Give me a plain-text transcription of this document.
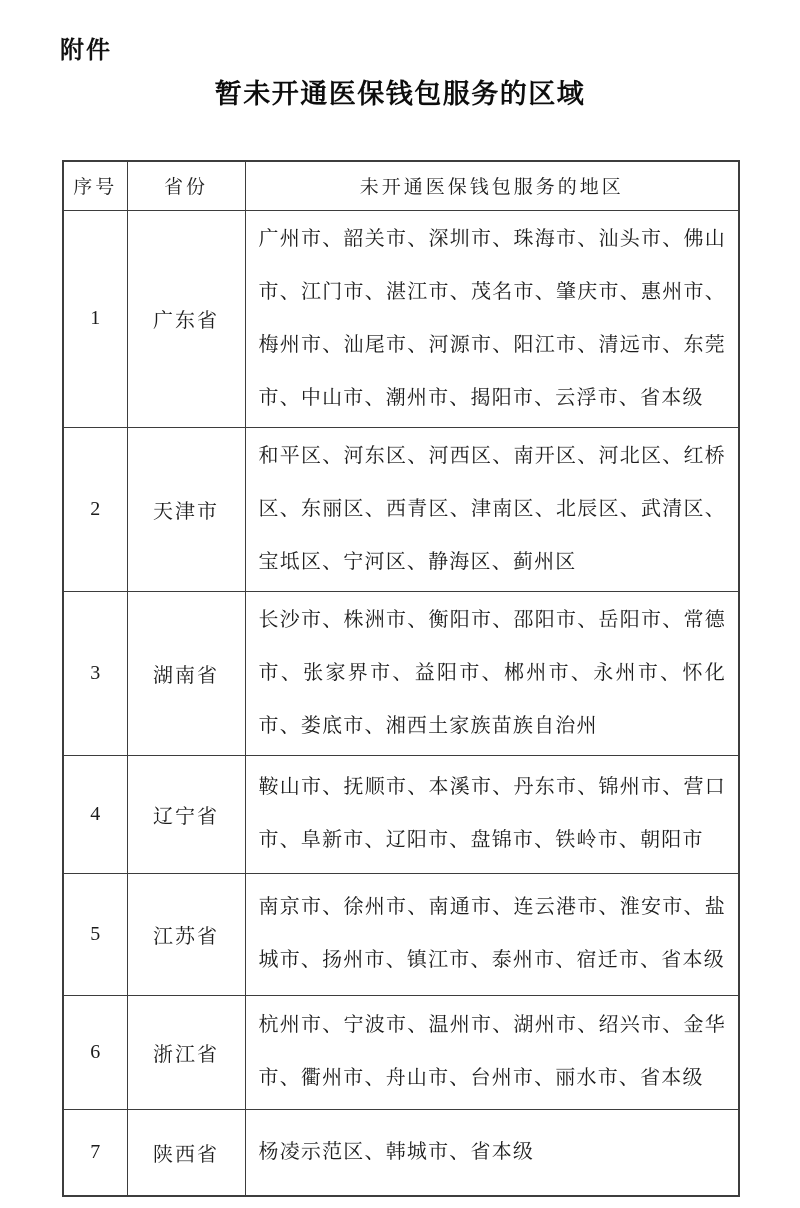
附件
暂未开通医保钱包服务的区域
序号	省份	未开通医保钱包服务的地区
1	广东省	广州市、韶关市、深圳市、珠海市、汕头市、佛山市、江门市、湛江市、茂名市、肇庆市、惠州市、梅州市、汕尾市、河源市、阳江市、清远市、东莞市、中山市、潮州市、揭阳市、云浮市、省本级
2	天津市	和平区、河东区、河西区、南开区、河北区、红桥区、东丽区、西青区、津南区、北辰区、武清区、宝坻区、宁河区、静海区、蓟州区
3	湖南省	长沙市、株洲市、衡阳市、邵阳市、岳阳市、常德市、张家界市、益阳市、郴州市、永州市、怀化市、娄底市、湘西土家族苗族自治州
4	辽宁省	鞍山市、抚顺市、本溪市、丹东市、锦州市、营口市、阜新市、辽阳市、盘锦市、铁岭市、朝阳市
5	江苏省	南京市、徐州市、南通市、连云港市、淮安市、盐城市、扬州市、镇江市、泰州市、宿迁市、省本级
6	浙江省	杭州市、宁波市、温州市、湖州市、绍兴市、金华市、衢州市、舟山市、台州市、丽水市、省本级
7	陕西省	杨凌示范区、韩城市、省本级
